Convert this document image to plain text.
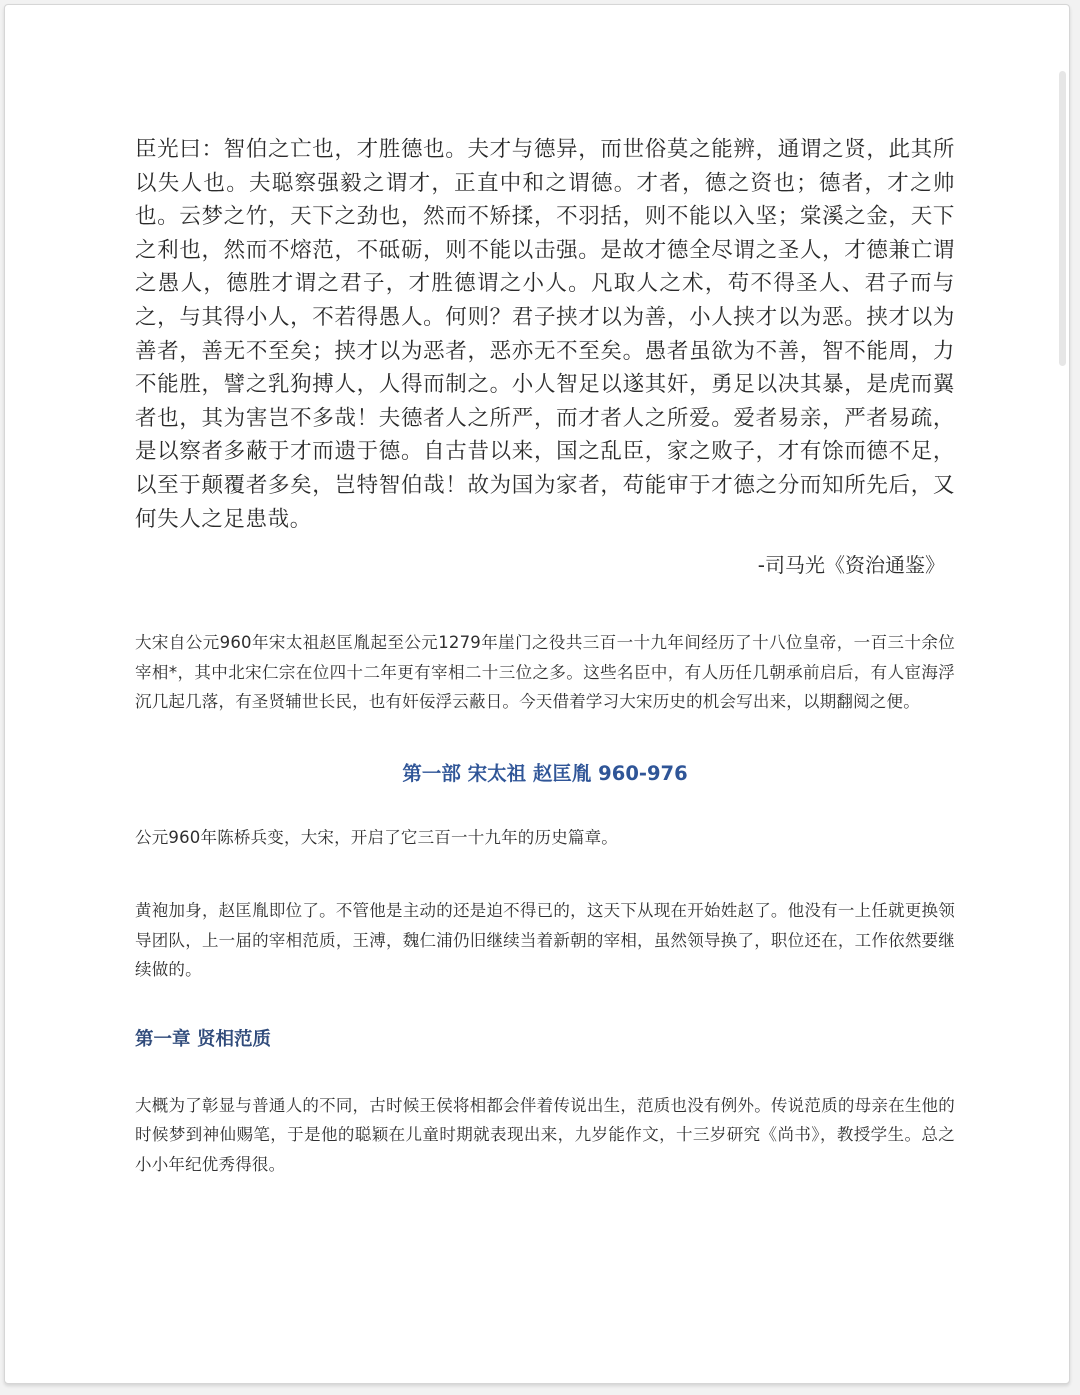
臣光曰：智伯之亡也，才胜德也。夫才与德异，而世俗莫之能辨，通谓之贤，此其所以失人也。夫聪察强毅之谓才，正直中和之谓德。才者，德之资也；德者，才之帅也。云梦之竹，天下之劲也，然而不矫揉，不羽括，则不能以入坚；棠溪之金，天下之利也，然而不熔范，不砥砺，则不能以击强。是故才德全尽谓之圣人，才德兼亡谓之愚人，德胜才谓之君子，才胜德谓之小人。凡取人之术，苟不得圣人、君子而与之，与其得小人，不若得愚人。何则？君子挟才以为善，小人挟才以为恶。挟才以为善者，善无不至矣；挟才以为恶者，恶亦无不至矣。愚者虽欲为不善，智不能周，力不能胜，譬之乳狗搏人，人得而制之。小人智足以遂其奸，勇足以决其暴，是虎而翼者也，其为害岂不多哉！夫德者人之所严，而才者人之所爱。爱者易亲，严者易疏，是以察者多蔽于才而遗于德。自古昔以来，国之乱臣，家之败子，才有馀而德不足，以至于颠覆者多矣，岂特智伯哉！故为国为家者，苟能审于才德之分而知所先后，又何失人之足患哉。

-司马光《资治通鉴》

大宋自公元960年宋太祖赵匡胤起至公元1279年崖门之役共三百一十九年间经历了十八位皇帝，一百三十余位宰相*，其中北宋仁宗在位四十二年更有宰相二十三位之多。这些名臣中，有人历任几朝承前启后，有人宦海浮沉几起几落，有圣贤辅世长民，也有奸佞浮云蔽日。今天借着学习大宋历史的机会写出来，以期翻阅之便。

第一部 宋太祖 赵匡胤 960-976

公元960年陈桥兵变，大宋，开启了它三百一十九年的历史篇章。

黄袍加身，赵匡胤即位了。不管他是主动的还是迫不得已的，这天下从现在开始姓赵了。他没有一上任就更换领导团队，上一届的宰相范质，王溥，魏仁浦仍旧继续当着新朝的宰相，虽然领导换了，职位还在，工作依然要继续做的。

第一章 贤相范质

大概为了彰显与普通人的不同，古时候王侯将相都会伴着传说出生，范质也没有例外。传说范质的母亲在生他的时候梦到神仙赐笔，于是他的聪颖在儿童时期就表现出来，九岁能作文，十三岁研究《尚书》，教授学生。总之小小年纪优秀得很。
